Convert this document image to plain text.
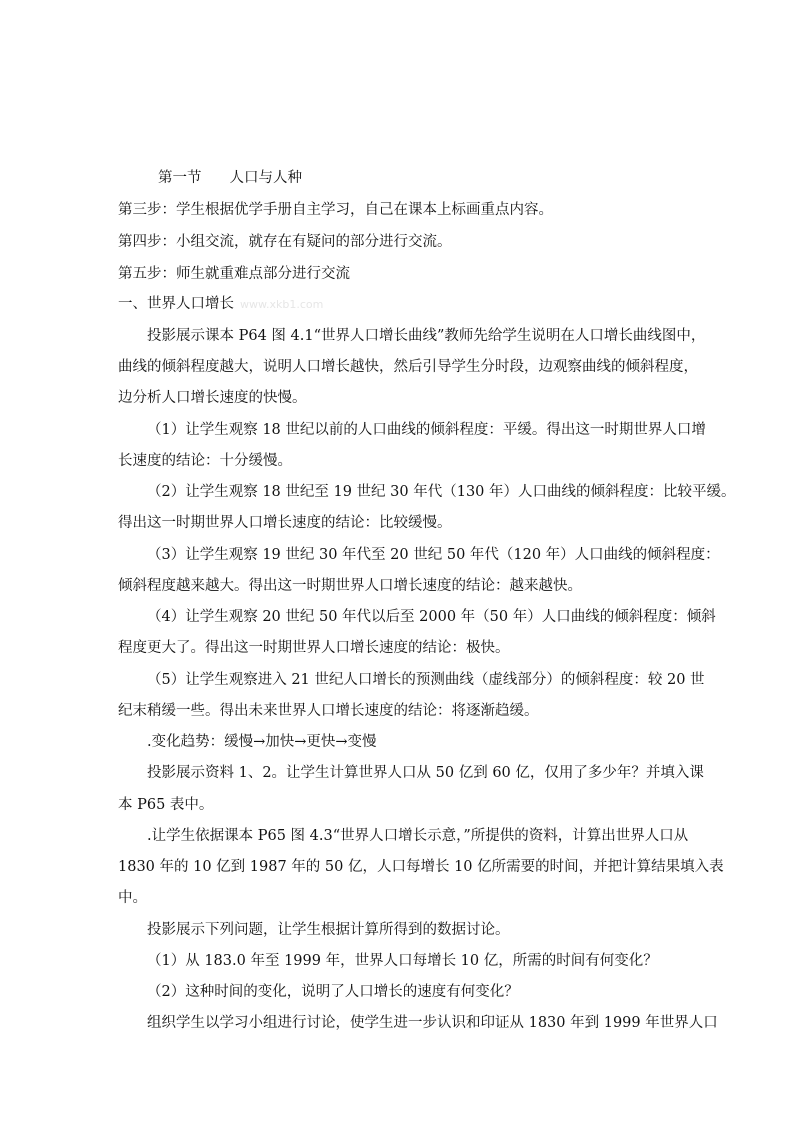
第一节 人口与人种
第三步：学生根据优学手册自主学习，自己在课本上标画重点内容。
第四步：小组交流，就存在有疑问的部分进行交流。
第五步：师生就重难点部分进行交流
一、世界人口增长 www.xkb1.com
投影展示课本 P64 图 4.1“世界人口增长曲线”教师先给学生说明在人口增长曲线图中，
曲线的倾斜程度越大，说明人口增长越快，然后引导学生分时段，边观察曲线的倾斜程度，
边分析人口增长速度的快慢。
（1）让学生观察 18 世纪以前的人口曲线的倾斜程度：平缓。得出这一时期世界人口增
长速度的结论：十分缓慢。
（2）让学生观察 18 世纪至 19 世纪 30 年代（130 年）人口曲线的倾斜程度：比较平缓。
得出这一时期世界人口增长速度的结论：比较缓慢。
（3）让学生观察 19 世纪 30 年代至 20 世纪 50 年代（120 年）人口曲线的倾斜程度：
倾斜程度越来越大。得出这一时期世界人口增长速度的结论：越来越快。
（4）让学生观察 20 世纪 50 年代以后至 2000 年（50 年）人口曲线的倾斜程度：倾斜
程度更大了。得出这一时期世界人口增长速度的结论：极快。
（5）让学生观察进入 21 世纪人口增长的预测曲线（虚线部分）的倾斜程度：较 20 世
纪末稍缓一些。得出未来世界人口增长速度的结论：将逐渐趋缓。
.变化趋势：缓慢→加快→更快→变慢
投影展示资料 1、2。让学生计算世界人口从 50 亿到 60 亿，仅用了多少年？并填入课
本 P65 表中。
.让学生依据课本 P65 图 4.3“世界人口增长示意，”所提供的资料，计算出世界人口从
1830 年的 10 亿到 1987 年的 50 亿，人口每增长 10 亿所需要的时间，并把计算结果填入表
中。
投影展示下列问题，让学生根据计算所得到的数据讨论。
（1）从 183.0 年至 1999 年，世界人口每增长 10 亿，所需的时间有何变化？
（2）这种时间的变化，说明了人口增长的速度有何变化？
组织学生以学习小组进行讨论，使学生进一步认识和印证从 1830 年到 1999 年世界人口
